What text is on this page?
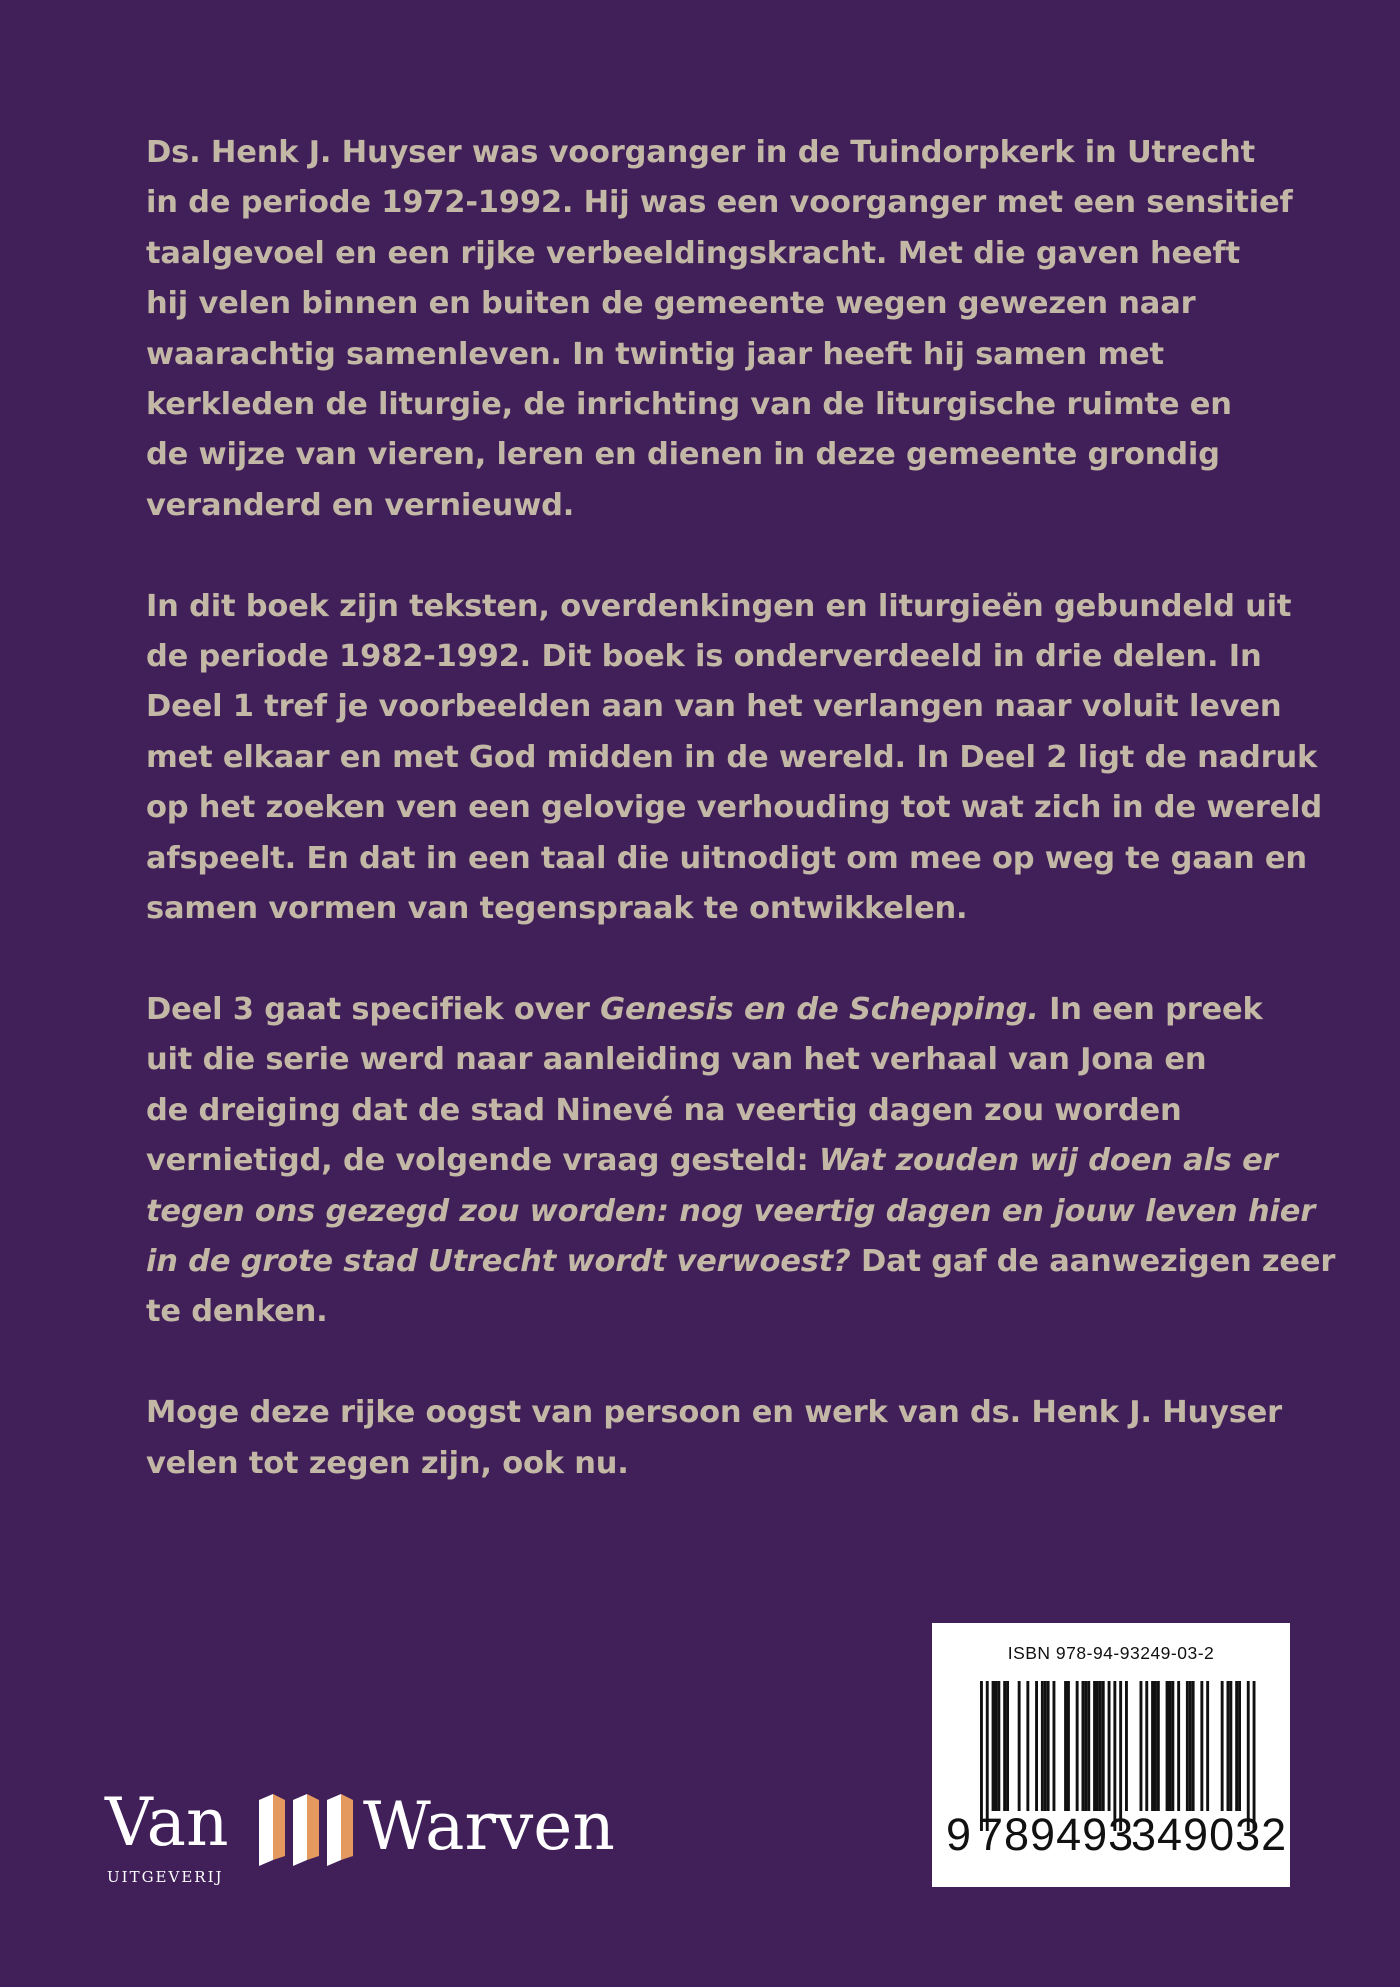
Ds. Henk J. Huyser was voorganger in de Tuindorpkerk in Utrecht
in de periode 1972-1992. Hij was een voorganger met een sensitief
taalgevoel en een rijke verbeeldingskracht. Met die gaven heeft
hij velen binnen en buiten de gemeente wegen gewezen naar
waarachtig samenleven. In twintig jaar heeft hij samen met
kerkleden de liturgie, de inrichting van de liturgische ruimte en
de wijze van vieren, leren en dienen in deze gemeente grondig
veranderd en vernieuwd.

In dit boek zijn teksten, overdenkingen en liturgieën gebundeld uit
de periode 1982-1992. Dit boek is onderverdeeld in drie delen. In
Deel 1 tref je voorbeelden aan van het verlangen naar voluit leven
met elkaar en met God midden in de wereld. In Deel 2 ligt de nadruk
op het zoeken ven een gelovige verhouding tot wat zich in de wereld
afspeelt. En dat in een taal die uitnodigt om mee op weg te gaan en
samen vormen van tegenspraak te ontwikkelen.

Deel 3 gaat specifiek over Genesis en de Schepping. In een preek
uit die serie werd naar aanleiding van het verhaal van Jona en
de dreiging dat de stad Ninevé na veertig dagen zou worden
vernietigd, de volgende vraag gesteld: Wat zouden wij doen als er
tegen ons gezegd zou worden: nog veertig dagen en jouw leven hier
in de grote stad Utrecht wordt verwoest? Dat gaf de aanwezigen zeer
te denken.

Moge deze rijke oogst van persoon en werk van ds. Henk J. Huyser
velen tot zegen zijn, ook nu.

ISBN 978-94-93249-03-2
9 789493
349032
Van Warven
UITGEVERIJ
